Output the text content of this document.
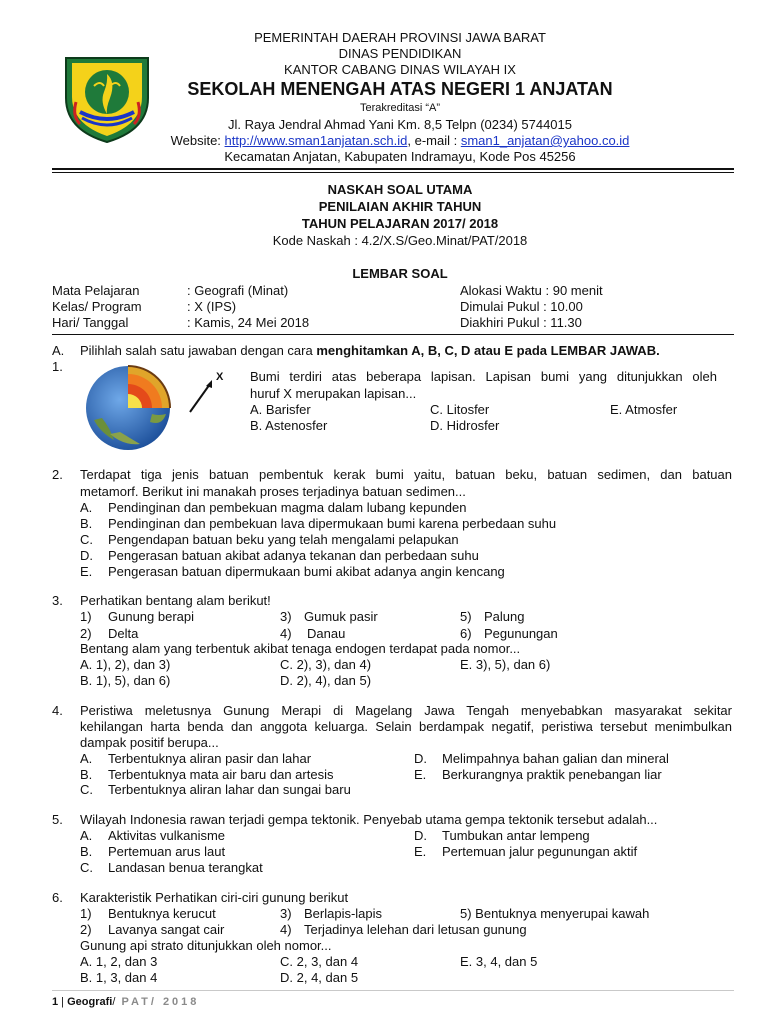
PEMERINTAH DAERAH PROVINSI JAWA BARAT
DINAS PENDIDIKAN
KANTOR CABANG DINAS WILAYAH IX
SEKOLAH MENENGAH ATAS NEGERI 1 ANJATAN
Terakreditasi “A”
Jl. Raya Jendral Ahmad Yani Km. 8,5 Telpn (0234) 5744015
Website: http://www.sman1anjatan.sch.id, e-mail : sman1_anjatan@yahoo.co.id
Kecamatan Anjatan, Kabupaten Indramayu, Kode Pos 45256
NASKAH SOAL UTAMA
PENILAIAN AKHIR TAHUN
TAHUN PELAJARAN 2017/ 2018
Kode Naskah : 4.2/X.S/Geo.Minat/PAT/2018
LEMBAR SOAL
Mata Pelajaran	: Geografi (Minat)	Alokasi Waktu : 90 menit
Kelas/ Program	: X (IPS)	Dimulai Pukul : 10.00
Hari/ Tanggal	: Kamis, 24 Mei 2018	Diakhiri Pukul : 11.30
A. Pilihlah salah satu jawaban dengan cara menghitamkan A, B, C, D atau E pada LEMBAR JAWAB.
1.
X Bumi terdiri atas beberapa lapisan. Lapisan bumi yang ditunjukkan oleh
huruf X merupakan lapisan...
A. Barisfer	C. Litosfer	E. Atmosfer
B. Astenosfer	D. Hidrosfer
2. Terdapat tiga jenis batuan pembentuk kerak bumi yaitu, batuan beku, batuan sedimen, dan batuan
metamorf. Berikut ini manakah proses terjadinya batuan sedimen...
A. Pendinginan dan pembekuan magma dalam lubang kepunden
B. Pendinginan dan pembekuan lava dipermukaan bumi karena perbedaan suhu
C. Pengendapan batuan beku yang telah mengalami pelapukan
D. Pengerasan batuan akibat adanya tekanan dan perbedaan suhu
E. Pengerasan batuan dipermukaan bumi akibat adanya angin kencang
3. Perhatikan bentang alam berikut!
1) Gunung berapi	3) Gumuk pasir	5) Palung
2) Delta	4) Danau	6) Pegunungan
Bentang alam yang terbentuk akibat tenaga endogen terdapat pada nomor...
A. 1), 2), dan 3)	C. 2), 3), dan 4)	E. 3), 5), dan 6)
B. 1), 5), dan 6)	D. 2), 4), dan 5)
4. Peristiwa meletusnya Gunung Merapi di Magelang Jawa Tengah menyebabkan masyarakat sekitar
kehilangan harta benda dan anggota keluarga. Selain berdampak negatif, peristiwa tersebut menimbulkan
dampak positif berupa...
A. Terbentuknya aliran pasir dan lahar	D. Melimpahnya bahan galian dan mineral
B. Terbentuknya mata air baru dan artesis	E. Berkurangnya praktik penebangan liar
C. Terbentuknya aliran lahar dan sungai baru
5. Wilayah Indonesia rawan terjadi gempa tektonik. Penyebab utama gempa tektonik tersebut adalah...
A. Aktivitas vulkanisme	D. Tumbukan antar lempeng
B. Pertemuan arus laut	E. Pertemuan jalur pegunungan aktif
C. Landasan benua terangkat
6. Karakteristik Perhatikan ciri-ciri gunung berikut
1) Bentuknya kerucut	3) Berlapis-lapis	5) Bentuknya menyerupai kawah
2) Lavanya sangat cair	4) Terjadinya lelehan dari letusan gunung
Gunung api strato ditunjukkan oleh nomor...
A. 1, 2, dan 3	C. 2, 3, dan 4	E. 3, 4, dan 5
B. 1, 3, dan 4	D. 2, 4, dan 5
1 | Geografi/ PAT/ 2018
